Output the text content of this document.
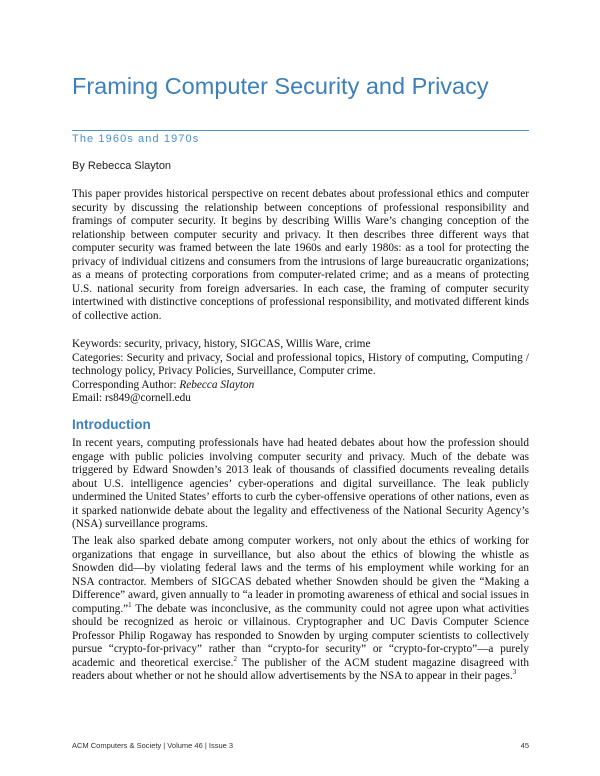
Framing Computer Security and Privacy
The 1960s and 1970s
By Rebecca Slayton

This paper provides historical perspective on recent debates about professional ethics and computer security by discussing the relationship between conceptions of professional responsibility and framings of computer security. It begins by describing Willis Ware’s changing conception of the relationship between computer security and privacy. It then describes three different ways that computer security was framed between the late 1960s and early 1980s: as a tool for protecting the privacy of individual citizens and consumers from the intrusions of large bureaucratic organizations; as a means of protecting corporations from computer-related crime; and as a means of protecting U.S. national security from foreign adversaries. In each case, the framing of computer security intertwined with distinctive conceptions of professional responsibility, and motivated different kinds of collective action.

Keywords: security, privacy, history, SIGCAS, Willis Ware, crime

Categories: Security and privacy, Social and professional topics, History of computing, Computing / technology policy, Privacy Policies, Surveillance, Computer crime.

Corresponding Author: Rebecca Slayton

Email: rs849@cornell.edu

Introduction

In recent years, computing professionals have had heated debates about how the profession should engage with public policies involving computer security and privacy. Much of the debate was triggered by Edward Snowden’s 2013 leak of thousands of classified documents revealing details about U.S. intelligence agencies’ cyber-operations and digital surveillance. The leak publicly undermined the United States’ efforts to curb the cyber-offensive operations of other nations, even as it sparked nationwide debate about the legality and effectiveness of the National Security Agency’s (NSA) surveillance programs.

The leak also sparked debate among computer workers, not only about the ethics of working for organizations that engage in surveillance, but also about the ethics of blowing the whistle as Snowden did—by violating federal laws and the terms of his employment while working for an NSA contractor. Members of SIGCAS debated whether Snowden should be given the “Making a Difference” award, given annually to “a leader in promoting awareness of ethical and social issues in computing.”$^1$ The debate was inconclusive, as the community could not agree upon what activities should be recognized as heroic or villainous. Cryptographer and UC Davis Computer Science Professor Philip Rogaway has responded to Snowden by urging computer scientists to collectively pursue “crypto-for-privacy” rather than “crypto-for security” or “crypto-for-crypto”—a purely academic and theoretical exercise.$^2$ The publisher of the ACM student magazine disagreed with readers about whether or not he should allow advertisements by the NSA to appear in their pages.$^3$

ACM Computers & Society | Volume 46 | Issue 3	45
